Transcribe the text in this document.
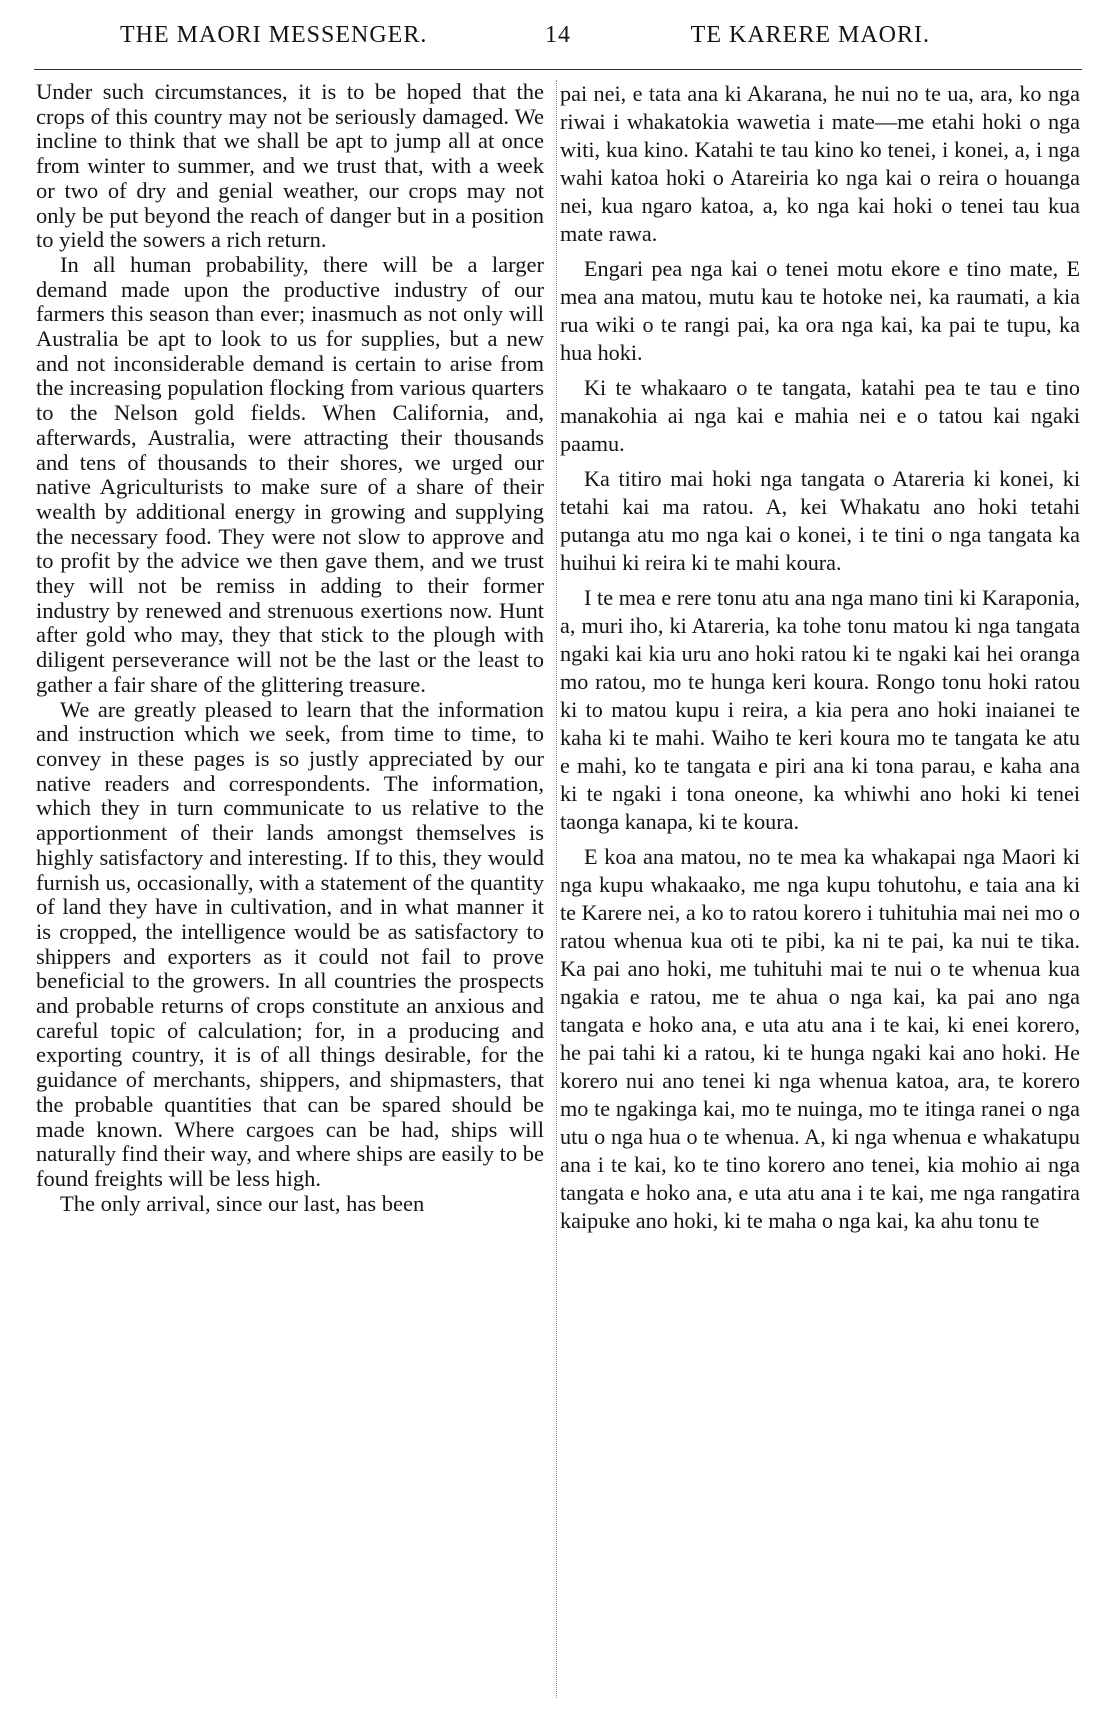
14
THE MAORI MESSENGER.	TE KARERE MAORI.

Under such circumstances, it is to be hoped that the crops of this country may not be seriously damaged. We incline to think that we shall be apt to jump all at once from winter to summer, and we trust that, with a week or two of dry and genial weather, our crops may not only be put beyond the reach of danger but in a position to yield the sowers a rich return.

In all human probability, there will be a larger demand made upon the productive industry of our farmers this season than ever; inasmuch as not only will Australia be apt to look to us for supplies, but a new and not inconsiderable demand is certain to arise from the increasing population flocking from various quarters to the Nelson gold fields. When California, and, afterwards, Australia, were attracting their thousands and tens of thousands to their shores, we urged our native Agriculturists to make sure of a share of their wealth by additional energy in growing and supplying the necessary food. They were not slow to approve and to profit by the advice we then gave them, and we trust they will not be remiss in adding to their former industry by renewed and strenuous exertions now. Hunt after gold who may, they that stick to the plough with diligent perseverance will not be the last or the least to gather a fair share of the glittering treasure.

We are greatly pleased to learn that the information and instruction which we seek, from time to time, to convey in these pages is so justly appreciated by our native readers and correspondents. The information, which they in turn communicate to us relative to the apportionment of their lands amongst themselves is highly satisfactory and interesting. If to this, they would furnish us, occasionally, with a statement of the quantity of land they have in cultivation, and in what manner it is cropped, the intelligence would be as satisfactory to shippers and exporters as it could not fail to prove beneficial to the growers. In all countries the prospects and probable returns of crops constitute an anxious and careful topic of calculation; for, in a producing and exporting country, it is of all things desirable, for the guidance of merchants, shippers, and shipmasters, that the probable quantities that can be spared should be made known. Where cargoes can be had, ships will naturally find their way, and where ships are easily to be found freights will be less high.

The only arrival, since our last, has been

pai nei, e tata ana ki Akarana, he nui no te ua, ara, ko nga riwai i whakatokia wawetia i mate—me etahi hoki o nga witi, kua kino. Katahi te tau kino ko tenei, i konei, a, i nga wahi katoa hoki o Atareiria ko nga kai o reira o houanga nei, kua ngaro katoa, a, ko nga kai hoki o tenei tau kua mate rawa.

Engari pea nga kai o tenei motu ekore e tino mate, E mea ana matou, mutu kau te hotoke nei, ka raumati, a kia rua wiki o te rangi pai, ka ora nga kai, ka pai te tupu, ka hua hoki.

Ki te whakaaro o te tangata, katahi pea te tau e tino manakohia ai nga kai e mahia nei e o tatou kai ngaki paamu.

Ka titiro mai hoki nga tangata o Atareria ki konei, ki tetahi kai ma ratou. A, kei Whakatu ano hoki tetahi putanga atu mo nga kai o konei, i te tini o nga tangata ka huihui ki reira ki te mahi koura.

I te mea e rere tonu atu ana nga mano tini ki Karaponia, a, muri iho, ki Atareria, ka tohe tonu matou ki nga tangata ngaki kai kia uru ano hoki ratou ki te ngaki kai hei oranga mo ratou, mo te hunga keri koura. Rongo tonu hoki ratou ki to matou kupu i reira, a kia pera ano hoki inaianei te kaha ki te mahi. Waiho te keri koura mo te tangata ke atu e mahi, ko te tangata e piri ana ki tona parau, e kaha ana ki te ngaki i tona oneone, ka whiwhi ano hoki ki tenei taonga kanapa, ki te koura.

E koa ana matou, no te mea ka whakapai nga Maori ki nga kupu whakaako, me nga kupu tohutohu, e taia ana ki te Karere nei, a ko to ratou korero i tuhituhia mai nei mo o ratou whenua kua oti te pibi, ka ni te pai, ka nui te tika. Ka pai ano hoki, me tuhituhi mai te nui o te whenua kua ngakia e ratou, me te ahua o nga kai, ka pai ano nga tangata e hoko ana, e uta atu ana i te kai, ki enei korero, he pai tahi ki a ratou, ki te hunga ngaki kai ano hoki. He korero nui ano tenei ki nga whenua katoa, ara, te korero mo te ngakinga kai, mo te nuinga, mo te itinga ranei o nga utu o nga hua o te whenua. A, ki nga whenua e whakatupu ana i te kai, ko te tino korero ano tenei, kia mohio ai nga tangata e hoko ana, e uta atu ana i te kai, me nga rangatira kaipuke ano hoki, ki te maha o nga kai, ka ahu tonu te
